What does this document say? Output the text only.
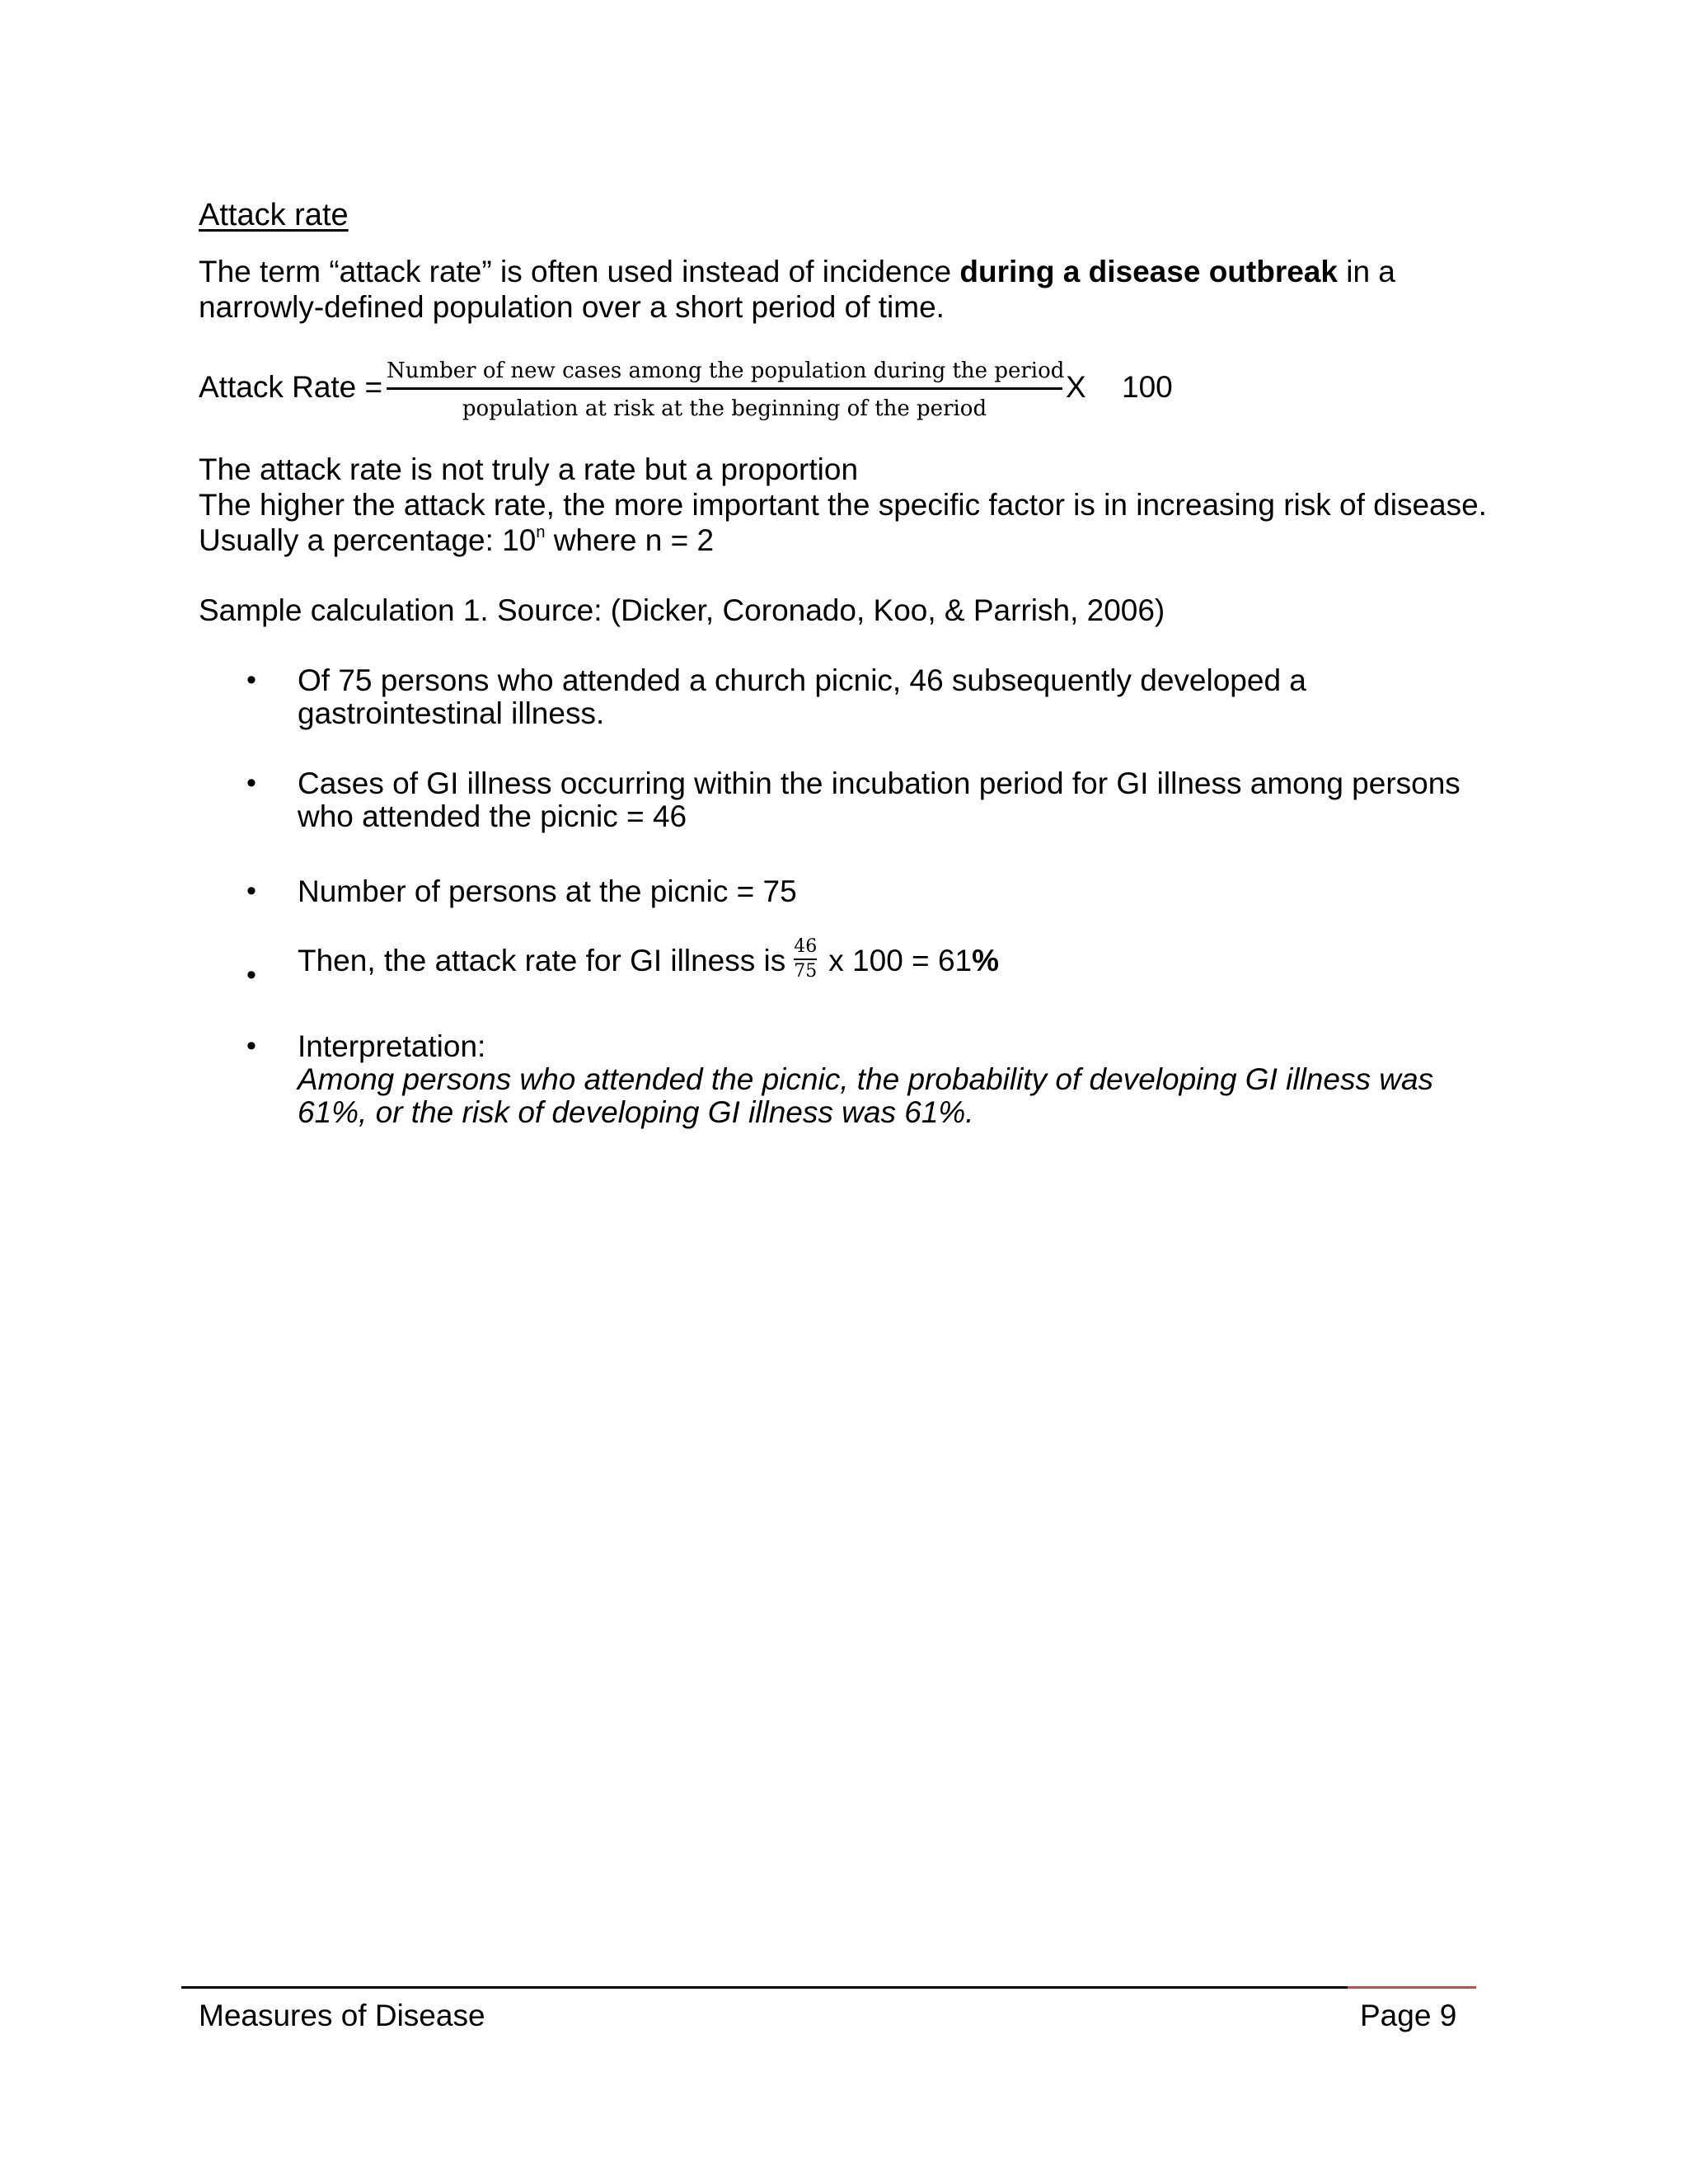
Attack rate
The term “attack rate” is often used instead of incidence during a disease outbreak in a
narrowly-defined population over a short period of time.
Attack Rate = Number of new cases among the population during the period
population at risk at the beginning of the period
X 100
The attack rate is not truly a rate but a proportion
The higher the attack rate, the more important the specific factor is in increasing risk of disease.
Usually a percentage: 10$^n$ where n = 2
Sample calculation 1. Source: (Dicker, Coronado, Koo, & Parrish, 2006)
• Of 75 persons who attended a church picnic, 46 subsequently developed a
gastrointestinal illness.
• Cases of GI illness occurring within the incubation period for GI illness among persons
who attended the picnic = 46
• Number of persons at the picnic = 75
• Then, the attack rate for GI illness is $\frac{46}{75}$ x 100 = 61%
• Interpretation:
Among persons who attended the picnic, the probability of developing GI illness was
61%, or the risk of developing GI illness was 61%.
Measures of Disease	Page 9
